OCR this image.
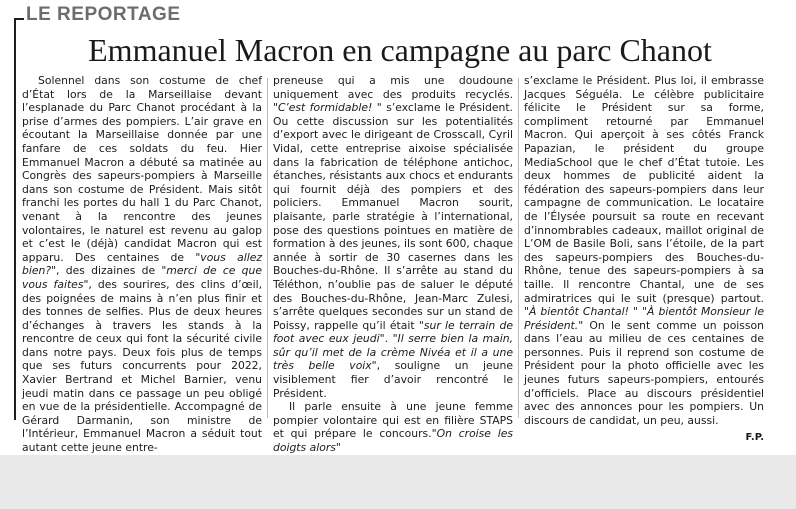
LE REPORTAGE
Emmanuel Macron en campagne au parc Chanot

Solennel dans son costume de chef d’État lors de la Marseillaise devant l’esplanade du Parc Chanot procédant à la prise d’armes des pompiers. L’air grave en écoutant la Marseillaise donnée par une fanfare de ces soldats du feu. Hier Emmanuel Macron a débuté sa matinée au Congrès des sapeurs-pompiers à Marseille dans son costume de Président. Mais sitôt franchi les portes du hall 1 du Parc Chanot, venant à la rencontre des jeunes volontaires, le naturel est revenu au galop et c’est le (déjà) candidat Macron qui est apparu. Des centaines de "vous allez bien?", des dizaines de "merci de ce que vous faites", des sourires, des clins d’œil, des poignées de mains à n’en plus finir et des tonnes de selfies. Plus de deux heures d’échanges à travers les stands à la rencontre de ceux qui font la sécurité civile dans notre pays. Deux fois plus de temps que ses futurs concurrents pour 2022, Xavier Bertrand et Michel Barnier, venu jeudi matin dans ce passage un peu obligé en vue de la présidentielle. Accompagné de Gérard Darmanin, son ministre de l’Intérieur, Emmanuel Macron a séduit tout autant cette jeune entre-

preneuse qui a mis une doudoune uniquement avec des produits recyclés. "C’est formidable! " s’exclame le Président. Ou cette discussion sur les potentialités d’export avec le dirigeant de Crosscall, Cyril Vidal, cette entreprise aixoise spécialisée dans la fabrication de téléphone antichoc, étanches, résistants aux chocs et endurants qui fournit déjà des pompiers et des policiers. Emmanuel Macron sourit, plaisante, parle stratégie à l’international, pose des questions pointues en matière de formation à des jeunes, ils sont 600, chaque année à sortir de 30 casernes dans les Bouches-du-Rhône. Il s’arrête au stand du Téléthon, n’oublie pas de saluer le député des Bouches-du-Rhône, Jean-Marc Zulesi, s’arrête quelques secondes sur un stand de Poissy, rappelle qu’il était "sur le terrain de foot avec eux jeudi". "Il serre bien la main, sûr qu’il met de la crème Nivéa et il a une très belle voix", souligne un jeune visiblement fier d’avoir rencontré le Président.

Il parle ensuite à une jeune femme pompier volontaire qui est en filière STAPS et qui prépare le concours."On croise les doigts alors"

s’exclame le Président. Plus loi, il embrasse Jacques Séguéla. Le célèbre publicitaire félicite le Président sur sa forme, compliment retourné par Emmanuel Macron. Qui aperçoit à ses côtés Franck Papazian, le président du groupe MediaSchool que le chef d’État tutoie. Les deux hommes de publicité aident la fédération des sapeurs-pompiers dans leur campagne de communication. Le locataire de l’Élysée poursuit sa route en recevant d’innombrables cadeaux, maillot original de L’OM de Basile Boli, sans l’étoile, de la part des sapeurs-pompiers des Bouches-du-Rhône, tenue des sapeurs-pompiers à sa taille. Il rencontre Chantal, une de ses admiratrices qui le suit (presque) partout. "À bientôt Chantal! " "À bientôt Monsieur le Président." On le sent comme un poisson dans l’eau au milieu de ces centaines de personnes. Puis il reprend son costume de Président pour la photo officielle avec les jeunes futurs sapeurs-pompiers, entourés d’officiels. Place au discours présidentiel avec des annonces pour les pompiers. Un discours de candidat, un peu, aussi.

F.P.
